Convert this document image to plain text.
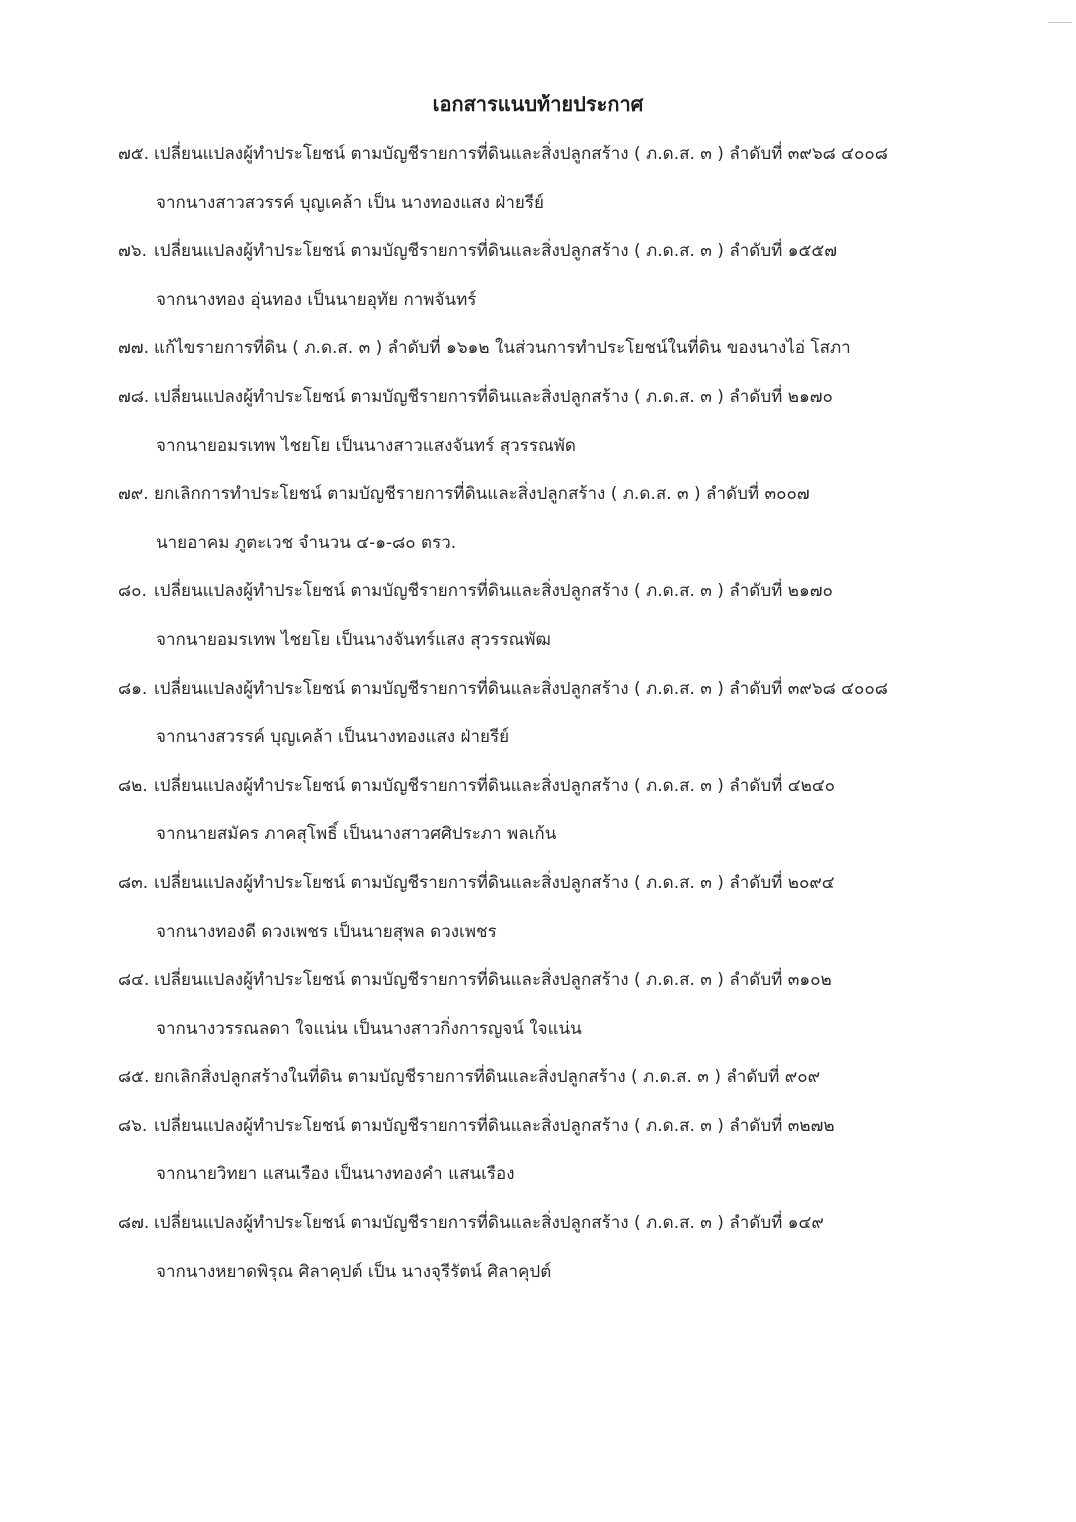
เอกสารแนบท้ายประกาศ
๗๕. เปลี่ยนแปลงผู้ทำประโยชน์ ตามบัญชีรายการที่ดินและสิ่งปลูกสร้าง ( ภ.ด.ส. ๓ ) ลำดับที่ ๓๙๖๘ ๔๐๐๘
จากนางสาวสวรรค์ บุญเคล้า เป็น นางทองแสง ฝ่ายรีย์
๗๖. เปลี่ยนแปลงผู้ทำประโยชน์ ตามบัญชีรายการที่ดินและสิ่งปลูกสร้าง ( ภ.ด.ส. ๓ ) ลำดับที่ ๑๕๕๗
จากนางทอง อุ่นทอง เป็นนายอุทัย กาพจันทร์
๗๗. แก้ไขรายการที่ดิน ( ภ.ด.ส. ๓ ) ลำดับที่ ๑๖๑๒ ในส่วนการทำประโยชน์ในที่ดิน ของนางไอ่ โสภา
๗๘. เปลี่ยนแปลงผู้ทำประโยชน์ ตามบัญชีรายการที่ดินและสิ่งปลูกสร้าง ( ภ.ด.ส. ๓ ) ลำดับที่ ๒๑๗๐
จากนายอมรเทพ ไชยโย เป็นนางสาวแสงจันทร์ สุวรรณพัด
๗๙. ยกเลิกการทำประโยชน์ ตามบัญชีรายการที่ดินและสิ่งปลูกสร้าง ( ภ.ด.ส. ๓ ) ลำดับที่ ๓๐๐๗
นายอาคม ภูตะเวช จำนวน ๔-๑-๘๐ ตรว.
๘๐. เปลี่ยนแปลงผู้ทำประโยชน์ ตามบัญชีรายการที่ดินและสิ่งปลูกสร้าง ( ภ.ด.ส. ๓ ) ลำดับที่ ๒๑๗๐
จากนายอมรเทพ ไชยโย เป็นนางจันทร์แสง สุวรรณพัฒ
๘๑. เปลี่ยนแปลงผู้ทำประโยชน์ ตามบัญชีรายการที่ดินและสิ่งปลูกสร้าง ( ภ.ด.ส. ๓ ) ลำดับที่ ๓๙๖๘ ๔๐๐๘
จากนางสวรรค์ บุญเคล้า เป็นนางทองแสง ฝ่ายรีย์
๘๒. เปลี่ยนแปลงผู้ทำประโยชน์ ตามบัญชีรายการที่ดินและสิ่งปลูกสร้าง ( ภ.ด.ส. ๓ ) ลำดับที่ ๔๒๔๐
จากนายสมัคร ภาคสุโพธิ์ เป็นนางสาวศศิประภา พลเก้น
๘๓. เปลี่ยนแปลงผู้ทำประโยชน์ ตามบัญชีรายการที่ดินและสิ่งปลูกสร้าง ( ภ.ด.ส. ๓ ) ลำดับที่ ๒๐๙๔
จากนางทองดี ดวงเพชร เป็นนายสุพล ดวงเพชร
๘๔. เปลี่ยนแปลงผู้ทำประโยชน์ ตามบัญชีรายการที่ดินและสิ่งปลูกสร้าง ( ภ.ด.ส. ๓ ) ลำดับที่ ๓๑๐๒
จากนางวรรณลดา ใจแน่น เป็นนางสาวกิ่งการญจน์ ใจแน่น
๘๕. ยกเลิกสิ่งปลูกสร้างในที่ดิน ตามบัญชีรายการที่ดินและสิ่งปลูกสร้าง ( ภ.ด.ส. ๓ ) ลำดับที่ ๙๐๙
๘๖. เปลี่ยนแปลงผู้ทำประโยชน์ ตามบัญชีรายการที่ดินและสิ่งปลูกสร้าง ( ภ.ด.ส. ๓ ) ลำดับที่ ๓๒๗๒
จากนายวิทยา แสนเรือง เป็นนางทองคำ แสนเรือง
๘๗. เปลี่ยนแปลงผู้ทำประโยชน์ ตามบัญชีรายการที่ดินและสิ่งปลูกสร้าง ( ภ.ด.ส. ๓ ) ลำดับที่ ๑๔๙
จากนางหยาดพิรุณ ศิลาคุปต์ เป็น นางจุรีรัตน์ ศิลาคุปต์
